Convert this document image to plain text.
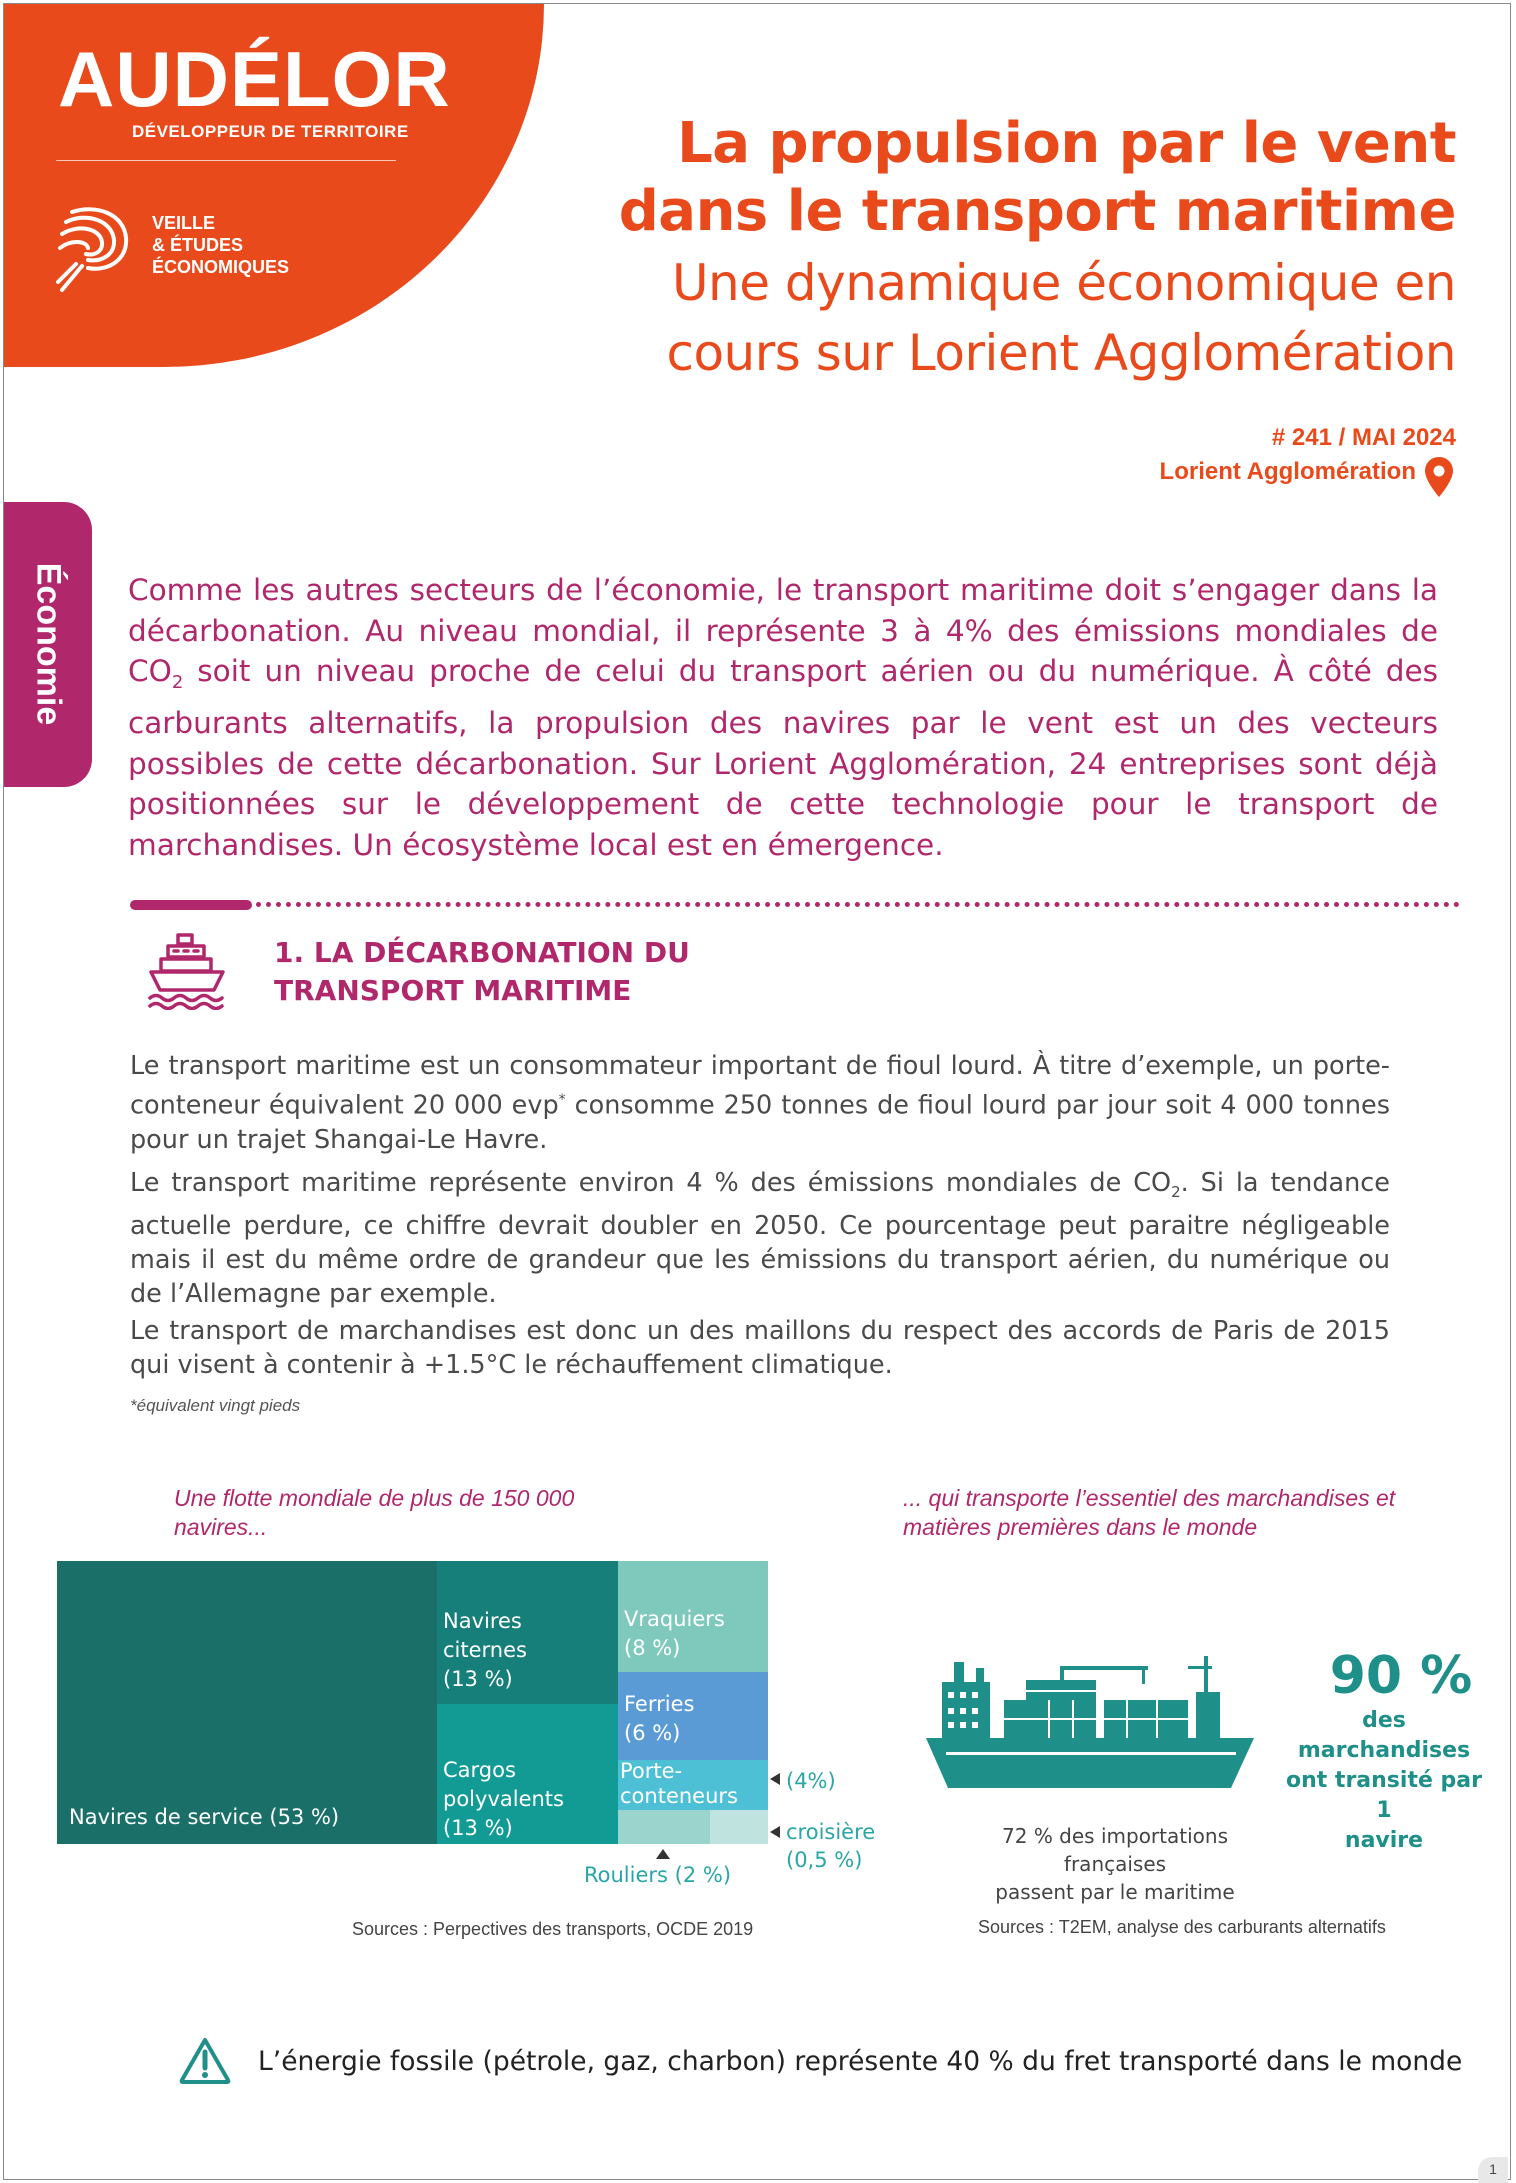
AUDÉLOR
DÉVELOPPEUR DE TERRITOIRE
VEILLE
& ÉTUDES
ÉCONOMIQUES
La propulsion par le vent
dans le transport maritime
Une dynamique économique en
cours sur Lorient Agglomération
# 241 / MAI 2024
Lorient Agglomération
Économie Comme les autres secteurs de l’économie, le transport maritime doit s’engager dans la décarbonation. Au niveau mondial, il représente 3 à 4% des émissions mondiales de $CO_2$ soit un niveau proche de celui du transport aérien ou du numérique. À côté des carburants alternatifs, la propulsion des navires par le vent est un des vecteurs possibles de cette décarbonation. Sur Lorient Agglomération, 24 entreprises sont déjà positionnées sur le développement de cette technologie pour le transport de marchandises. Un écosystème local est en émergence.

1. LA DÉCARBONATION DU
TRANSPORT MARITIME

Le transport maritime est un consommateur important de fioul lourd. À titre d’exemple, un porte-conteneur équivalent 20 000 evp* consomme 250 tonnes de fioul lourd par jour soit 4 000 tonnes pour un trajet Shangai-Le Havre.

Le transport maritime représente environ 4 % des émissions mondiales de $CO_2$. Si la tendance actuelle perdure, ce chiffre devrait doubler en 2050. Ce pourcentage peut paraitre négligeable mais il est du même ordre de grandeur que les émissions du transport aérien, du numérique ou de l’Allemagne par exemple.

Le transport de marchandises est donc un des maillons du respect des accords de Paris de 2015 qui visent à contenir à +1.5°C le réchauffement climatique.

*équivalent vingt pieds
Une flotte mondiale de plus de 150 000
navires...
... qui transporte l’essentiel des marchandises et
matières premières dans le monde
Navires de service (53 %)
Navires
citernes
(13 %)
Cargos
polyvalents
(13 %)
Vraquiers
(8 %)
Ferries
(6 %)
Porte-
conteneurs
(4%)
croisière
(0,5 %)
Rouliers (2 %)
Sources : Perpectives des transports, OCDE 2019
90 %
des marchandises
ont transité par 1
navire
72 % des importations françaises
passent par le maritime
Sources : T2EM, analyse des carburants alternatifs
L’énergie fossile (pétrole, gaz, charbon) représente 40 % du fret transporté dans le monde
1
